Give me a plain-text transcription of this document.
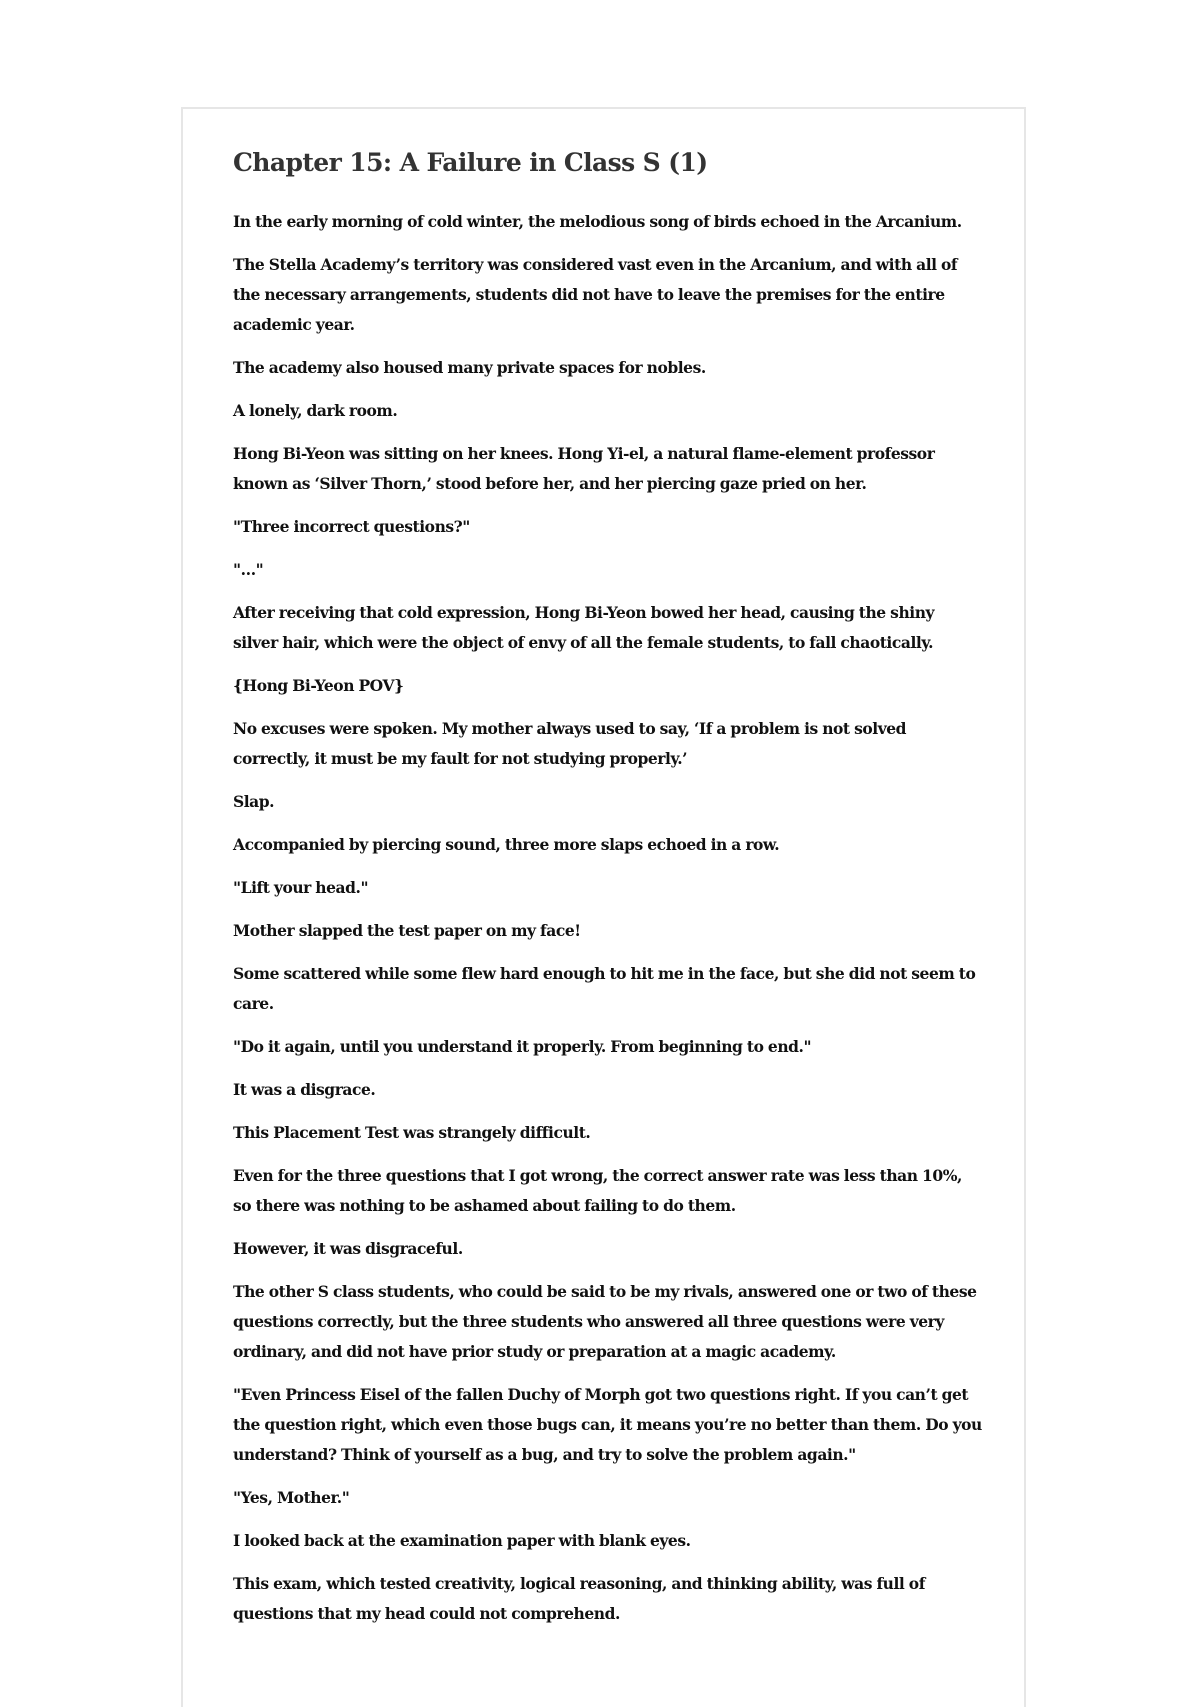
Chapter 15: A Failure in Class S (1)

In the early morning of cold winter, the melodious song of birds echoed in the Arcanium.

The Stella Academy’s territory was considered vast even in the Arcanium, and with all of the necessary arrangements, students did not have to leave the premises for the entire academic year.

The academy also housed many private spaces for nobles.

A lonely, dark room.

Hong Bi-Yeon was sitting on her knees. Hong Yi-el, a natural flame-element professor known as ‘Silver Thorn,’ stood before her, and her piercing gaze pried on her.

"Three incorrect questions?"

"…"

After receiving that cold expression, Hong Bi-Yeon bowed her head, causing the shiny silver hair, which were the object of envy of all the female students, to fall chaotically.

{Hong Bi-Yeon POV}

No excuses were spoken. My mother always used to say, ‘If a problem is not solved correctly, it must be my fault for not studying properly.’

Slap.

Accompanied by piercing sound, three more slaps echoed in a row.

"Lift your head."

Mother slapped the test paper on my face!

Some scattered while some flew hard enough to hit me in the face, but she did not seem to care.

"Do it again, until you understand it properly. From beginning to end."

It was a disgrace.

This Placement Test was strangely difficult.

Even for the three questions that I got wrong, the correct answer rate was less than 10%, so there was nothing to be ashamed about failing to do them.

However, it was disgraceful.

The other S class students, who could be said to be my rivals, answered one or two of these questions correctly, but the three students who answered all three questions were very ordinary, and did not have prior study or preparation at a magic academy.

"Even Princess Eisel of the fallen Duchy of Morph got two questions right. If you can’t get the question right, which even those bugs can, it means you’re no better than them. Do you understand? Think of yourself as a bug, and try to solve the problem again."

"Yes, Mother."

I looked back at the examination paper with blank eyes.

This exam, which tested creativity, logical reasoning, and thinking ability, was full of questions that my head could not comprehend.
